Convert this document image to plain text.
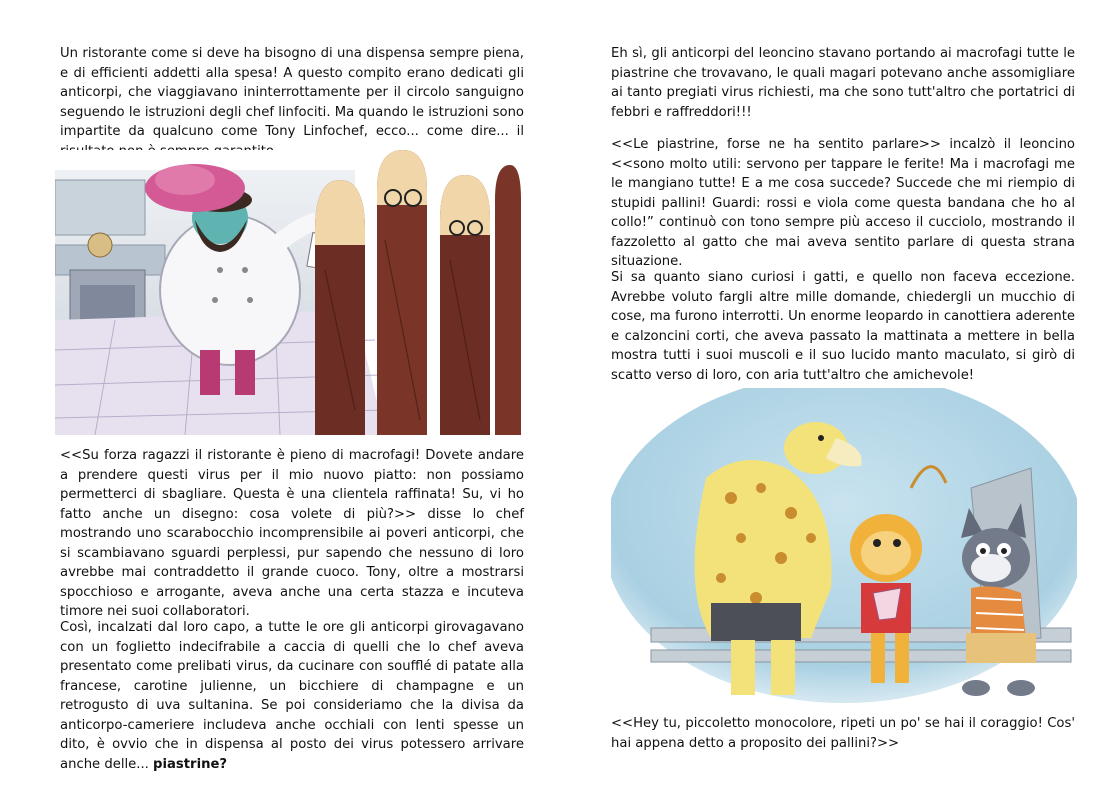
Un ristorante come si deve ha bisogno di una dispensa sempre piena, e di efficienti addetti alla spesa! A questo compito erano dedicati gli anticorpi, che viaggiavano ininterrottamente per il circolo sanguigno seguendo le istruzioni degli chef linfociti. Ma quando le istruzioni sono impartite da qualcuno come Tony Linfochef, ecco... come dire... il

<<Su forza ragazzi il ristorante è pieno di macrofagi! Dovete andare a prendere questi virus per il mio nuovo piatto: non possiamo permetterci di sbagliare. Questa è una clientela raffinata! Su, vi ho fatto anche un disegno: cosa volete di più?>> disse lo chef mostrando uno scarabocchio incomprensibile ai poveri anticorpi, che si scambiavano sguardi perplessi, pur sapendo che nessuno di loro avrebbe mai contraddetto il grande cuoco. Tony, oltre a mostrarsi spocchioso e arrogante, aveva anche una certa stazza e incuteva timore nei suoi collaboratori.

Così, incalzati dal loro capo, a tutte le ore gli anticorpi girovagavano con un foglietto indecifrabile a caccia di quelli che lo chef aveva presentato come prelibati virus, da cucinare con soufflé di patate alla francese, carotine julienne, un bicchiere di champagne e un retrogusto di uva sultanina. Se poi consideriamo che la divisa da anticorpo-cameriere includeva anche occhiali con lenti spesse un dito, è ovvio che in dispensa al posto dei virus potessero arrivare anche delle... piastrine?

Eh sì, gli anticorpi del leoncino stavano portando ai macrofagi tutte le piastrine che trovavano, le quali magari potevano anche assomigliare ai tanto pregiati virus richiesti, ma che sono tutt'altro che portatrici di febbri e raffreddori!!!

<<Le piastrine, forse ne ha sentito parlare>> incalzò il leoncino <<sono molto utili: servono per tappare le ferite! Ma i macrofagi me le mangiano tutte! E a me cosa succede? Succede che mi riempio di stupidi pallini! Guardi: rossi e viola come questa bandana che ho al collo!” continuò con tono sempre più acceso il cucciolo, mostrando il fazzoletto al gatto che mai aveva sentito parlare di questa strana situazione.

Si sa quanto siano curiosi i gatti, e quello non faceva eccezione. Avrebbe voluto fargli altre mille domande, chiedergli un mucchio di cose, ma furono interrotti. Un enorme leopardo in canottiera aderente e calzoncini corti, che aveva passato la mattinata a mettere in bella mostra tutti i suoi muscoli e il suo lucido manto maculato, si girò di scatto verso di loro, con aria tutt'altro che amichevole!

<<Hey tu, piccoletto monocolore, ripeti un po' se hai il coraggio! Cos' hai appena detto a proposito dei pallini?>>
